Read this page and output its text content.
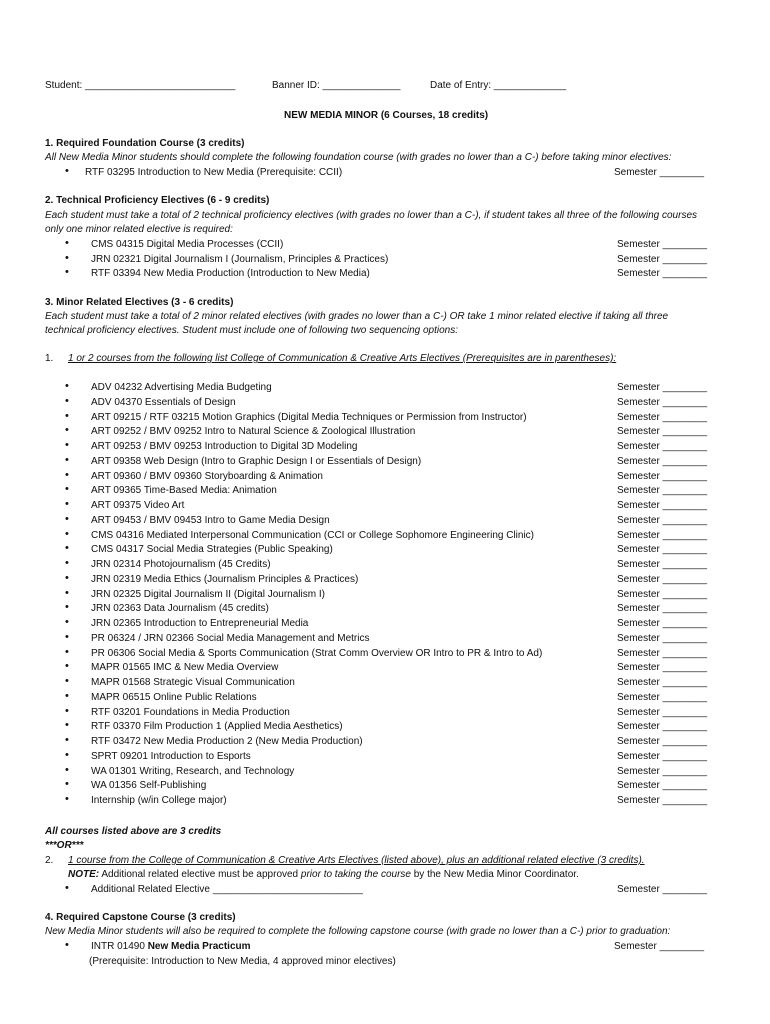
Student: ___________________________	Banner ID: ______________	Date of Entry: _____________
NEW MEDIA MINOR (6 Courses, 18 credits)
1. Required Foundation Course (3 credits)
All New Media Minor students should complete the following foundation course (with grades no lower than a C-) before taking minor electives:
•
RTF 03295 Introduction to New Media (Prerequisite: CCII)	Semester ________
2. Technical Proficiency Electives (6 - 9 credits)
Each student must take a total of 2 technical proficiency electives (with grades no lower than a C-), if student takes all three of the following courses
only one minor related elective is required:
•
CMS 04315 Digital Media Processes (CCII)	Semester ________
•
JRN 02321 Digital Journalism I (Journalism, Principles & Practices)	Semester ________
•
RTF 03394 New Media Production (Introduction to New Media)	Semester ________
3. Minor Related Electives (3 - 6 credits)
Each student must take a total of 2 minor related electives (with grades no lower than a C-) OR take 1 minor related elective if taking all three
technical proficiency electives. Student must include one of following two sequencing options:
1. 1 or 2 courses from the following list College of Communication & Creative Arts Electives (Prerequisites are in parentheses):
•
ADV 04232 Advertising Media Budgeting	Semester ________
•
ADV 04370 Essentials of Design	Semester ________
•
ART 09215 / RTF 03215 Motion Graphics (Digital Media Techniques or Permission from Instructor)	Semester ________
•
ART 09252 / BMV 09252 Intro to Natural Science & Zoological Illustration	Semester ________
•
ART 09253 / BMV 09253 Introduction to Digital 3D Modeling	Semester ________
•
ART 09358 Web Design (Intro to Graphic Design I or Essentials of Design)	Semester ________
•
ART 09360 / BMV 09360 Storyboarding & Animation	Semester ________
•
ART 09365 Time-Based Media: Animation	Semester ________
•
ART 09375 Video Art	Semester ________
•
ART 09453 / BMV 09453 Intro to Game Media Design	Semester ________
•
CMS 04316 Mediated Interpersonal Communication (CCI or College Sophomore Engineering Clinic)	Semester ________
•
CMS 04317 Social Media Strategies (Public Speaking)	Semester ________
•
JRN 02314 Photojournalism (45 Credits)	Semester ________
•
JRN 02319 Media Ethics (Journalism Principles & Practices)	Semester ________
•
JRN 02325 Digital Journalism II (Digital Journalism I)	Semester ________
•
JRN 02363 Data Journalism (45 credits)	Semester ________
•
JRN 02365 Introduction to Entrepreneurial Media	Semester ________
•
PR 06324 / JRN 02366 Social Media Management and Metrics	Semester ________
•
PR 06306 Social Media & Sports Communication (Strat Comm Overview OR Intro to PR & Intro to Ad)	Semester ________
•
MAPR 01565 IMC & New Media Overview	Semester ________
•
MAPR 01568 Strategic Visual Communication	Semester ________
•
MAPR 06515 Online Public Relations	Semester ________
•
RTF 03201 Foundations in Media Production	Semester ________
•
RTF 03370 Film Production 1 (Applied Media Aesthetics)	Semester ________
•
RTF 03472 New Media Production 2 (New Media Production)	Semester ________
•
SPRT 09201 Introduction to Esports	Semester ________
•
WA 01301 Writing, Research, and Technology	Semester ________
•
WA 01356 Self-Publishing	Semester ________
•
Internship (w/in College major)	Semester ________
All courses listed above are 3 credits
***OR***
2. 1 course from the College of Communication & Creative Arts Electives (listed above), plus an additional related elective (3 credits).
NOTE: Additional related elective must be approved prior to taking the course by the New Media Minor Coordinator.
•
Additional Related Elective ___________________________	Semester ________
4. Required Capstone Course (3 credits)
New Media Minor students will also be required to complete the following capstone course (with grade no lower than a C-) prior to graduation:
•
INTR 01490 New Media Practicum	Semester ________
(Prerequisite: Introduction to New Media, 4 approved minor electives)
